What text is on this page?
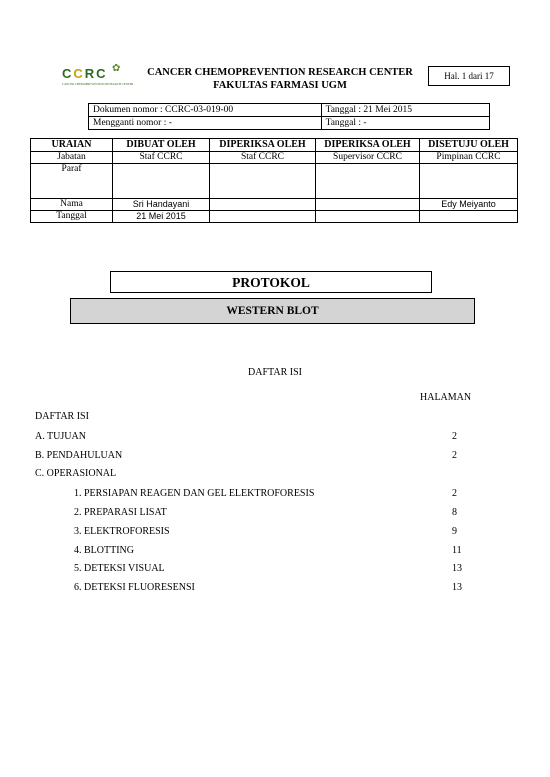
CCRC
CANCER CHEMOPREVENTION RESEARCH CENTER
✿	CANCER CHEMOPREVENTION RESEARCH CENTER
FAKULTAS FARMASI UGM
Hal. 1 dari 17
Dokumen nomor : CCRC-03-019-00	Tanggal : 21 Mei 2015
Mengganti nomor : -	Tanggal : -
URAIAN	DIBUAT OLEH	DIPERIKSA OLEH	DIPERIKSA OLEH	DISETUJU OLEH
Jabatan	Staf CCRC	Staf CCRC	Supervisor CCRC	Pimpinan CCRC
Paraf				
Nama	Sri Handayani			Edy Meiyanto
Tanggal	21 Mei 2015			
PROTOKOL
WESTERN BLOT
DAFTAR ISI
HALAMAN
DAFTAR ISI
A. TUJUAN	2
B. PENDAHULUAN	2
C. OPERASIONAL
1. PERSIAPAN REAGEN DAN GEL ELEKTROFORESIS	2
2. PREPARASI LISAT	8
3. ELEKTROFORESIS	9
4. BLOTTING	11
5. DETEKSI VISUAL	13
6. DETEKSI FLUORESENSI	13
